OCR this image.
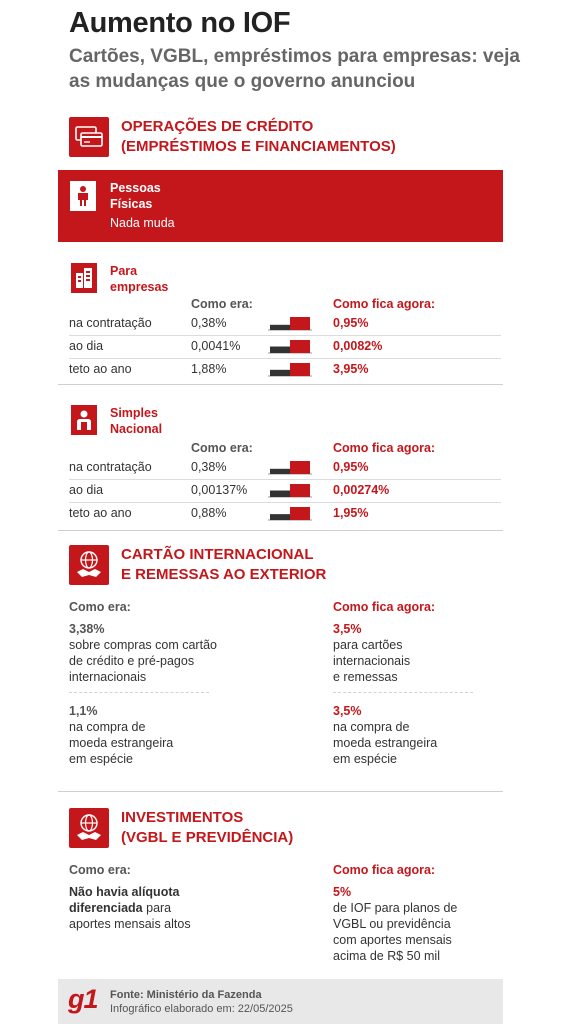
Aumento no IOF
Cartões, VGBL, empréstimos para empresas: veja as mudanças que o governo anunciou
OPERAÇÕES DE CRÉDITO
(EMPRÉSTIMOS E FINANCIAMENTOS)
Pessoas
Físicas
Nada muda
Para
empresas
Como era:	Como fica agora:
na contratação	0,38%	0,95%
ao dia	0,0041%	0,0082%
teto ao ano	1,88%	3,95%
Simples
Nacional
Como era:	Como fica agora:
na contratação	0,38%	0,95%
ao dia	0,00137%	0,00274%
teto ao ano	0,88%	1,95%
CARTÃO INTERNACIONAL
E REMESSAS AO EXTERIOR
Como era:
3,38%
sobre compras com cartão
de crédito e pré-pagos
internacionais
Como fica agora:
3,5%
para cartões
internacionais
e remessas
1,1%
na compra de
moeda estrangeira
em espécie
3,5%
na compra de
moeda estrangeira
em espécie
INVESTIMENTOS
(VGBL E PREVIDÊNCIA)
Como era:
Não havia alíquota
diferenciada para
aportes mensais altos
Como fica agora:
5%
de IOF para planos de
VGBL ou previdência
com aportes mensais
acima de R$ 50 mil
g1 Fonte: Ministério da Fazenda
Infográfico elaborado em: 22/05/2025
